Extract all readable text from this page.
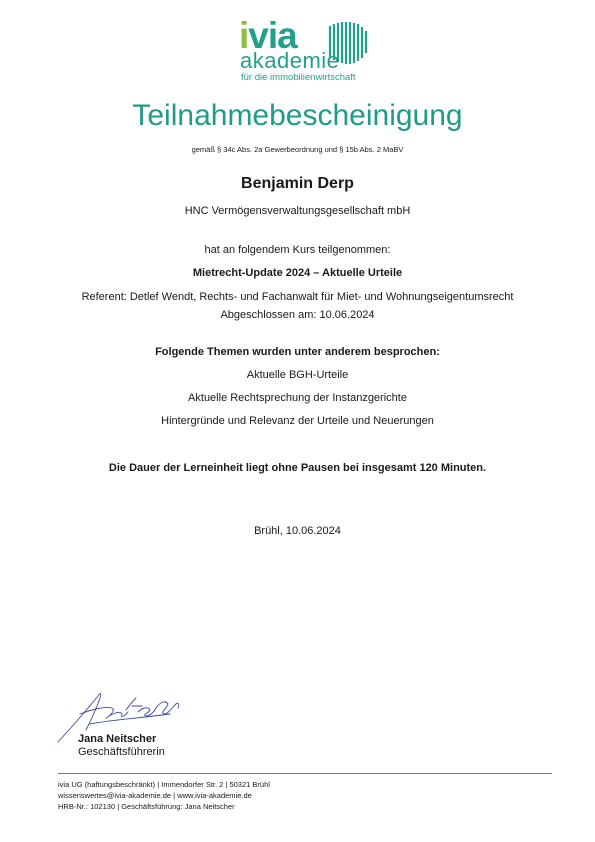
ivia
akademie
für die immobilienwirtschaft
Teilnahmebescheinigung
gemäß § 34c Abs. 2a Gewerbeordnung und § 15b Abs. 2 MaBV
Benjamin Derp
HNC Vermögensverwaltungsgesellschaft mbH
hat an folgendem Kurs teilgenommen:
Mietrecht-Update 2024 – Aktuelle Urteile
Referent: Detlef Wendt, Rechts- und Fachanwalt für Miet- und Wohnungseigentumsrecht
Abgeschlossen am: 10.06.2024
Folgende Themen wurden unter anderem besprochen:
Aktuelle BGH-Urteile
Aktuelle Rechtsprechung der Instanzgerichte
Hintergründe und Relevanz der Urteile und Neuerungen
Die Dauer der Lerneinheit liegt ohne Pausen bei insgesamt 120 Minuten.
Brühl, 10.06.2024
Jana Neitscher
Geschäftsführerin
ivia UG (haftungsbeschränkt) | Immendorfer Str. 2 | 50321 Brühl
wissenswertes@ivia-akademie.de | www.ivia-akademie.de
HRB-Nr.: 102130 | Geschäftsführung: Jana Neitscher
